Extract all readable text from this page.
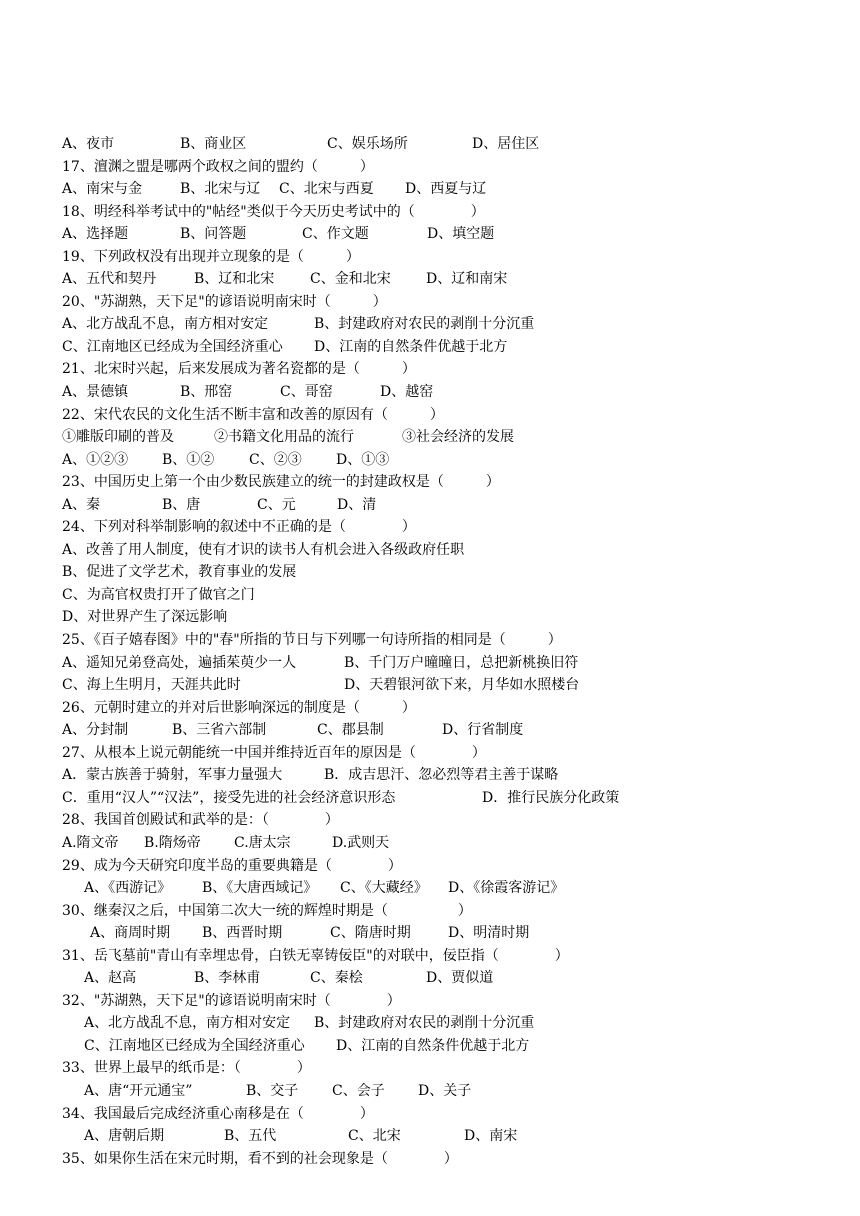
A、夜市	B、商业区	C、娱乐场所	D、居住区
17、澶渊之盟是哪两个政权之间的盟约（　　　）
A、南宋与金	B、北宋与辽 C、北宋与西夏 D、西夏与辽
18、明经科举考试中的"帖经"类似于今天历史考试中的（　　　　）
A、选择题	B、问答题	C、作文题	D、填空题
19、下列政权没有出现并立现象的是（　　　）
A、五代和契丹	B、辽和北宋	C、金和北宋	D、辽和南宋
20、"苏湖熟，天下足"的谚语说明南宋时（　　　）
A、北方战乱不息，南方相对安定	B、封建政府对农民的剥削十分沉重
C、江南地区已经成为全国经济重心 D、江南的自然条件优越于北方
21、北宋时兴起，后来发展成为著名瓷都的是（　　　）
A、景德镇	B、邢窑	C、哥窑	D、越窑
22、宋代农民的文化生活不断丰富和改善的原因有（　　　）
①雕版印刷的普及	②书籍文化用品的流行	③社会经济的发展
A、①②③ B、①② C、②③ D、①③
23、中国历史上第一个由少数民族建立的统一的封建政权是（　　　）
A、秦	B、唐	C、元	D、清
24、下列对科举制影响的叙述中不正确的是（　　　　）
A、改善了用人制度，使有才识的读书人有机会进入各级政府任职
B、促进了文学艺术，教育事业的发展
C、为高官权贵打开了做官之门
D、对世界产生了深远影响
25、《百子嬉春图》中的"春"所指的节日与下列哪一句诗所指的相同是（　　　）
A、遥知兄弟登高处，遍插茱萸少一人	B、千门万户曈曈日，总把新桃换旧符
C、海上生明月，天涯共此时	D、天碧银河欲下来，月华如水照楼台
26、元朝时建立的并对后世影响深远的制度是（　　　）
A、分封制	B、三省六部制	C、郡县制	D、行省制度
27、从根本上说元朝能统一中国并维持近百年的原因是（　　　　）
A．蒙古族善于骑射，军事力量强大	B．成吉思汗、忽必烈等君主善于谋略
C．重用“汉人”“汉法”，接受先进的社会经济意识形态	D．推行民族分化政策
28、我国首创殿试和武举的是：（　　　　）
A.隋文帝 B.隋炀帝 C.唐太宗	D.武则天
29、成为今天研究印度半岛的重要典籍是（　　　　）
A、《西游记》 B、《大唐西域记》 C、《大藏经》 D、《徐霞客游记》
30、继秦汉之后，中国第二次大一统的辉煌时期是（　　　　　）
A、商周时期 B、西晋时期	C、隋唐时期	D、明清时期
31、岳飞墓前"青山有幸埋忠骨，白铁无辜铸佞臣"的对联中，佞臣指（　　　　）
A、赵高	B、李林甫	C、秦桧	D、贾似道
32、"苏湖熟，天下足"的谚语说明南宋时（　　　　）
A、北方战乱不息，南方相对安定 B、封建政府对农民的剥削十分沉重
C、江南地区已经成为全国经济重心 D、江南的自然条件优越于北方
33、世界上最早的纸币是：（　　　　）
A、唐“开元通宝”	B、交子 C、会子 D、关子
34、我国最后完成经济重心南移是在（　　　　）
A、唐朝后期	B、五代	C、北宋	D、南宋
35、如果你生活在宋元时期，看不到的社会现象是（　　　　）
